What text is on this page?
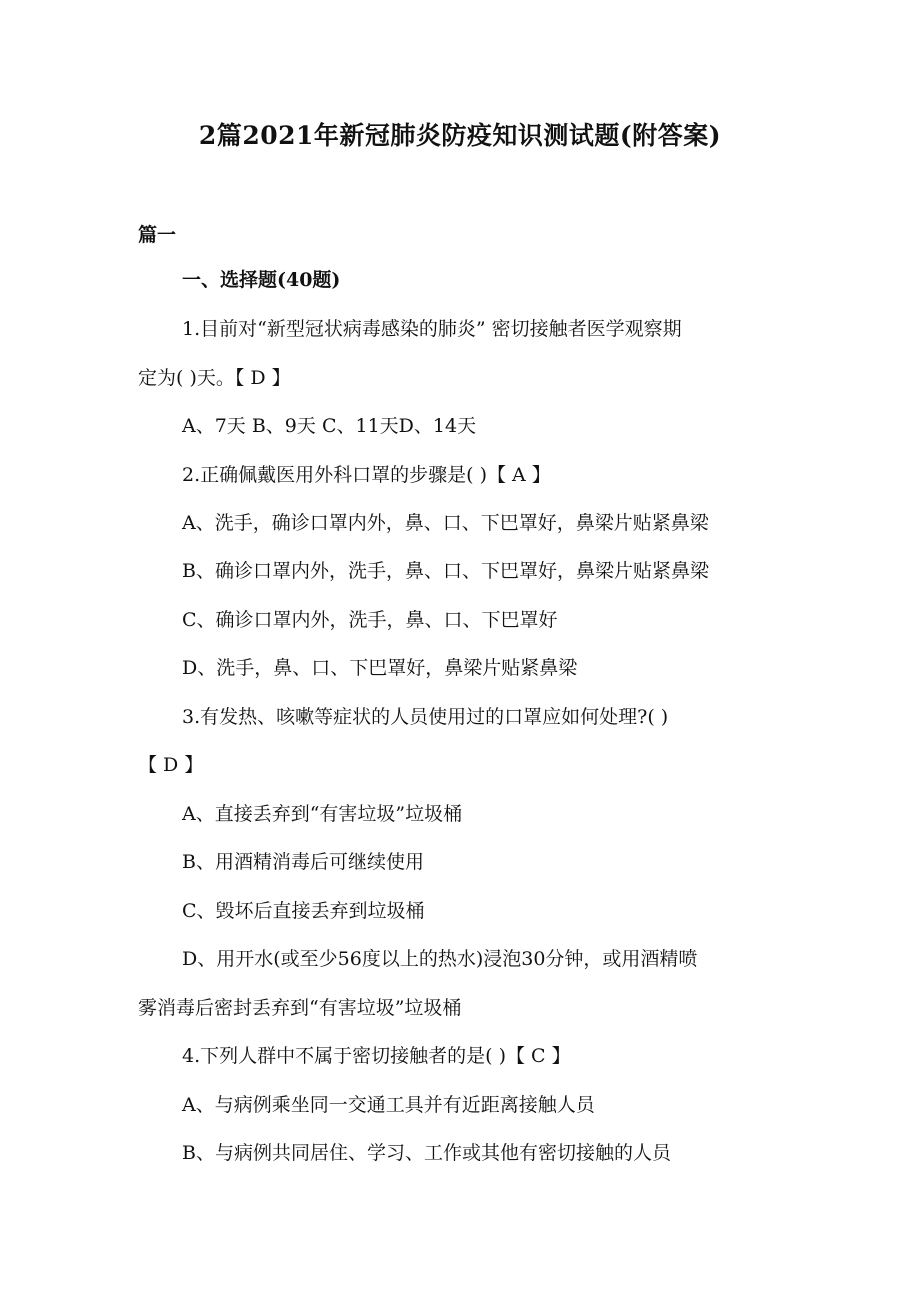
2篇2021年新冠肺炎防疫知识测试题(附答案)
篇一
一、选择题(40题)
1.目前对“新型冠状病毒感染的肺炎” 密切接触者医学观察期
定为( )天。【 D 】
A、7天 B、9天 C、11天D、14天
2.正确佩戴医用外科口罩的步骤是( )【 A 】
A、洗手，确诊口罩内外，鼻、口、下巴罩好，鼻梁片贴紧鼻梁
B、确诊口罩内外，洗手，鼻、口、下巴罩好，鼻梁片贴紧鼻梁
C、确诊口罩内外，洗手，鼻、口、下巴罩好
D、洗手，鼻、口、下巴罩好，鼻梁片贴紧鼻梁
3.有发热、咳嗽等症状的人员使用过的口罩应如何处理?( )
【 D 】
A、直接丢弃到“有害垃圾”垃圾桶
B、用酒精消毒后可继续使用
C、毁坏后直接丢弃到垃圾桶
D、用开水(或至少56度以上的热水)浸泡30分钟，或用酒精喷
雾消毒后密封丢弃到“有害垃圾”垃圾桶
4.下列人群中不属于密切接触者的是( )【 C 】
A、与病例乘坐同一交通工具并有近距离接触人员
B、与病例共同居住、学习、工作或其他有密切接触的人员
